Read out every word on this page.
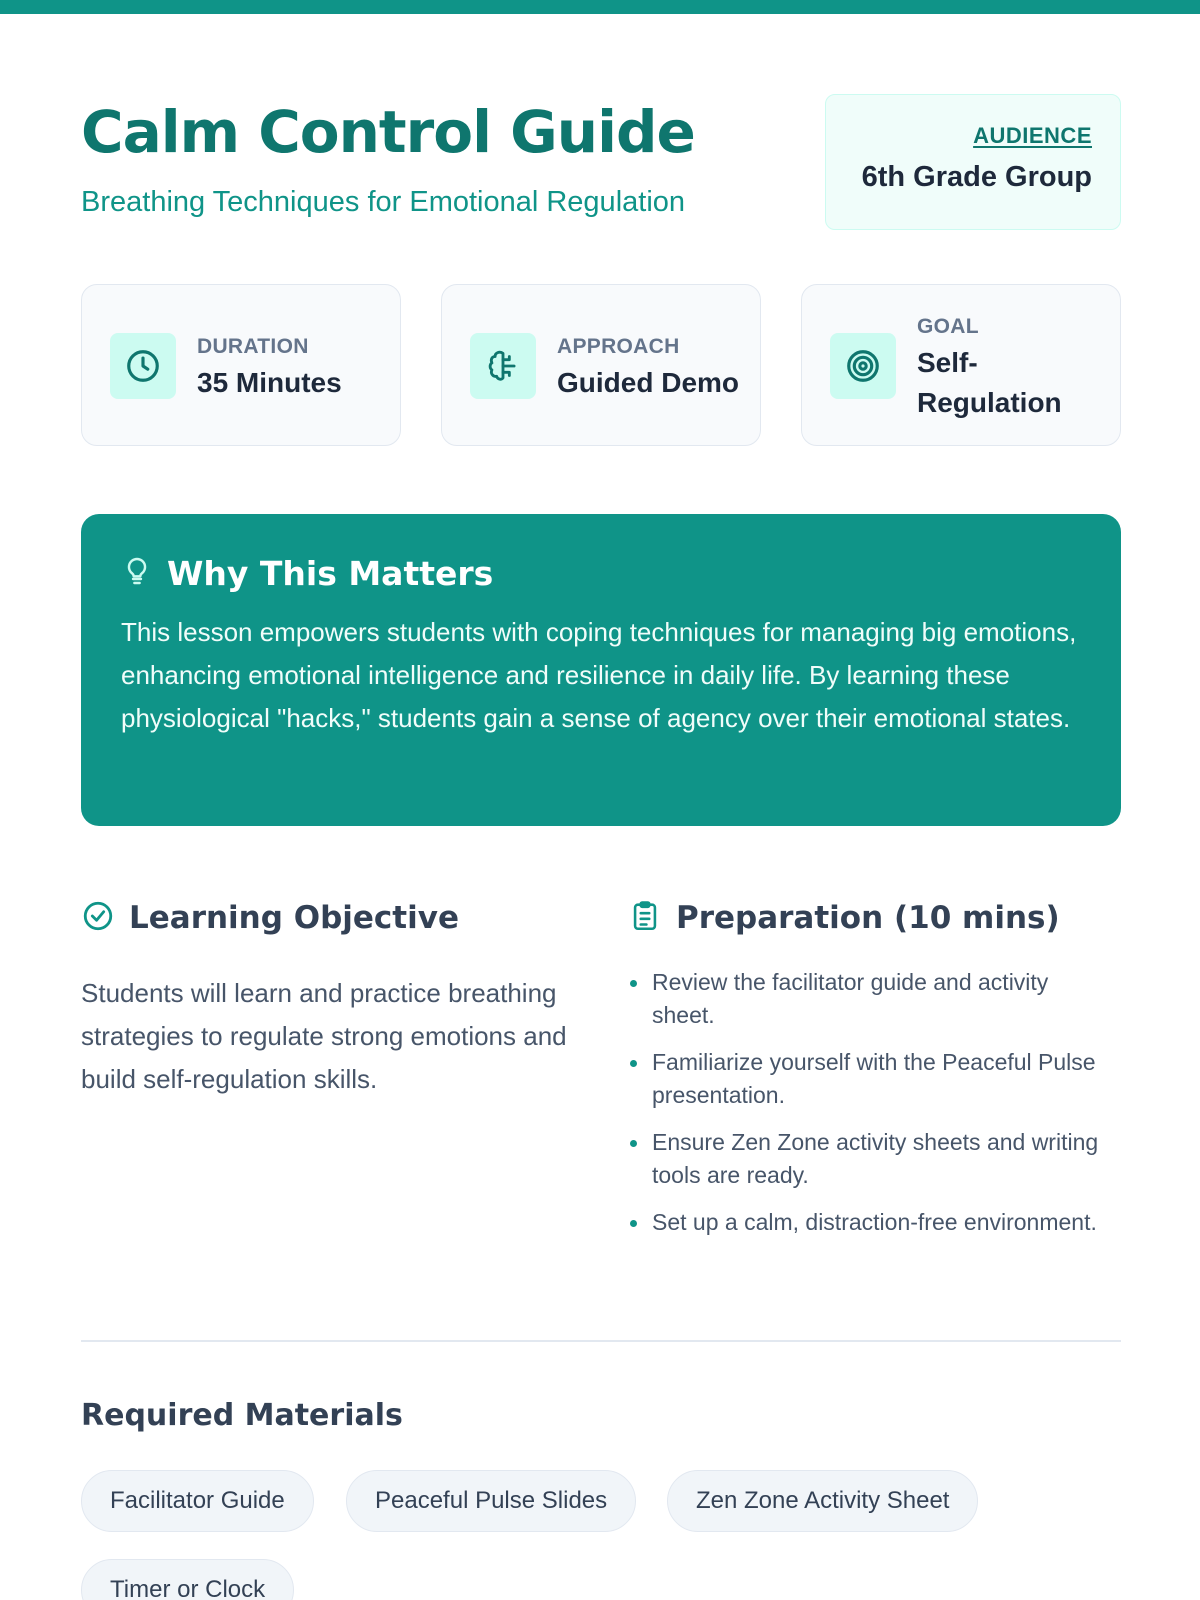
Calm Control Guide
Breathing Techniques for Emotional Regulation
AUDIENCE
6th Grade Group
DURATION
35 Minutes
APPROACH
Guided Demo
GOAL
Self-Regulation
Why This Matters

This lesson empowers students with coping techniques for managing big emotions, enhancing emotional intelligence and resilience in daily life. By learning these physiological "hacks," students gain a sense of agency over their emotional states.

Learning Objective

Students will learn and practice breathing strategies to regulate strong emotions and build self-regulation skills.

Preparation (10 mins)
Review the facilitator guide and activity sheet.
Familiarize yourself with the Peaceful Pulse presentation.
Ensure Zen Zone activity sheets and writing tools are ready.
Set up a calm, distraction-free environment.
Required Materials
Facilitator Guide	Peaceful Pulse Slides	Zen Zone Activity Sheet
Timer or Clock
